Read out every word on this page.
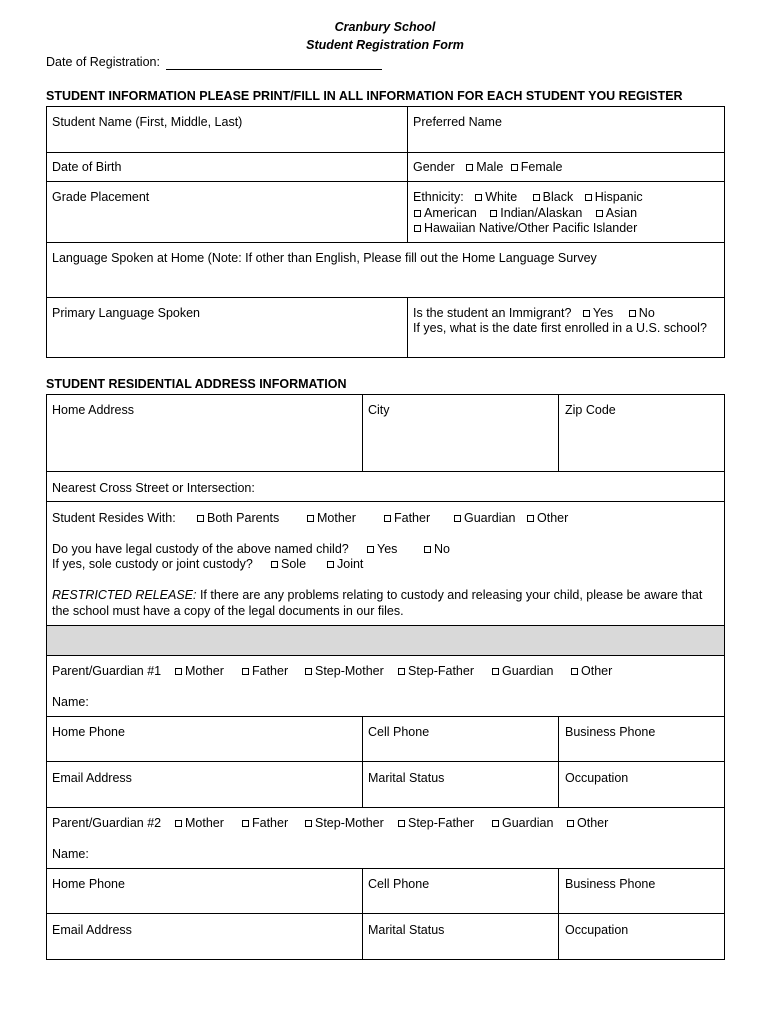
Cranbury School
Student Registration Form
Date of Registration:
STUDENT INFORMATION PLEASE PRINT/FILL IN ALL INFORMATION FOR EACH STUDENT YOU REGISTER
Student Name (First, Middle, Last)	Preferred Name
Date of Birth	Gender Male Female
Grade Placement	Ethnicity: White Black Hispanic
American Indian/Alaskan Asian
Hawaiian Native/Other Pacific Islander
Language Spoken at Home (Note: If other than English, Please fill out the Home Language Survey
Primary Language Spoken	Is the student an Immigrant? Yes No
If yes, what is the date first enrolled in a U.S. school?
STUDENT RESIDENTIAL ADDRESS INFORMATION
Home Address	City	Zip Code
Nearest Cross Street or Intersection:
Student Resides With:	Both Parents	Mother	Father	Guardian	Other
Do you have legal custody of the above named child?	Yes	No
If yes, sole custody or joint custody?	Sole	Joint
RESTRICTED RELEASE: If there are any problems relating to custody and releasing your child, please be aware that
the school must have a copy of the legal documents in our files.
Parent/Guardian #1	Mother	Father	Step-Mother	Step-Father	Guardian	Other
Name:
Home Phone	Cell Phone	Business Phone
Email Address	Marital Status	Occupation
Parent/Guardian #2	Mother	Father	Step-Mother	Step-Father	Guardian	Other
Name:
Home Phone	Cell Phone	Business Phone
Email Address	Marital Status	Occupation
